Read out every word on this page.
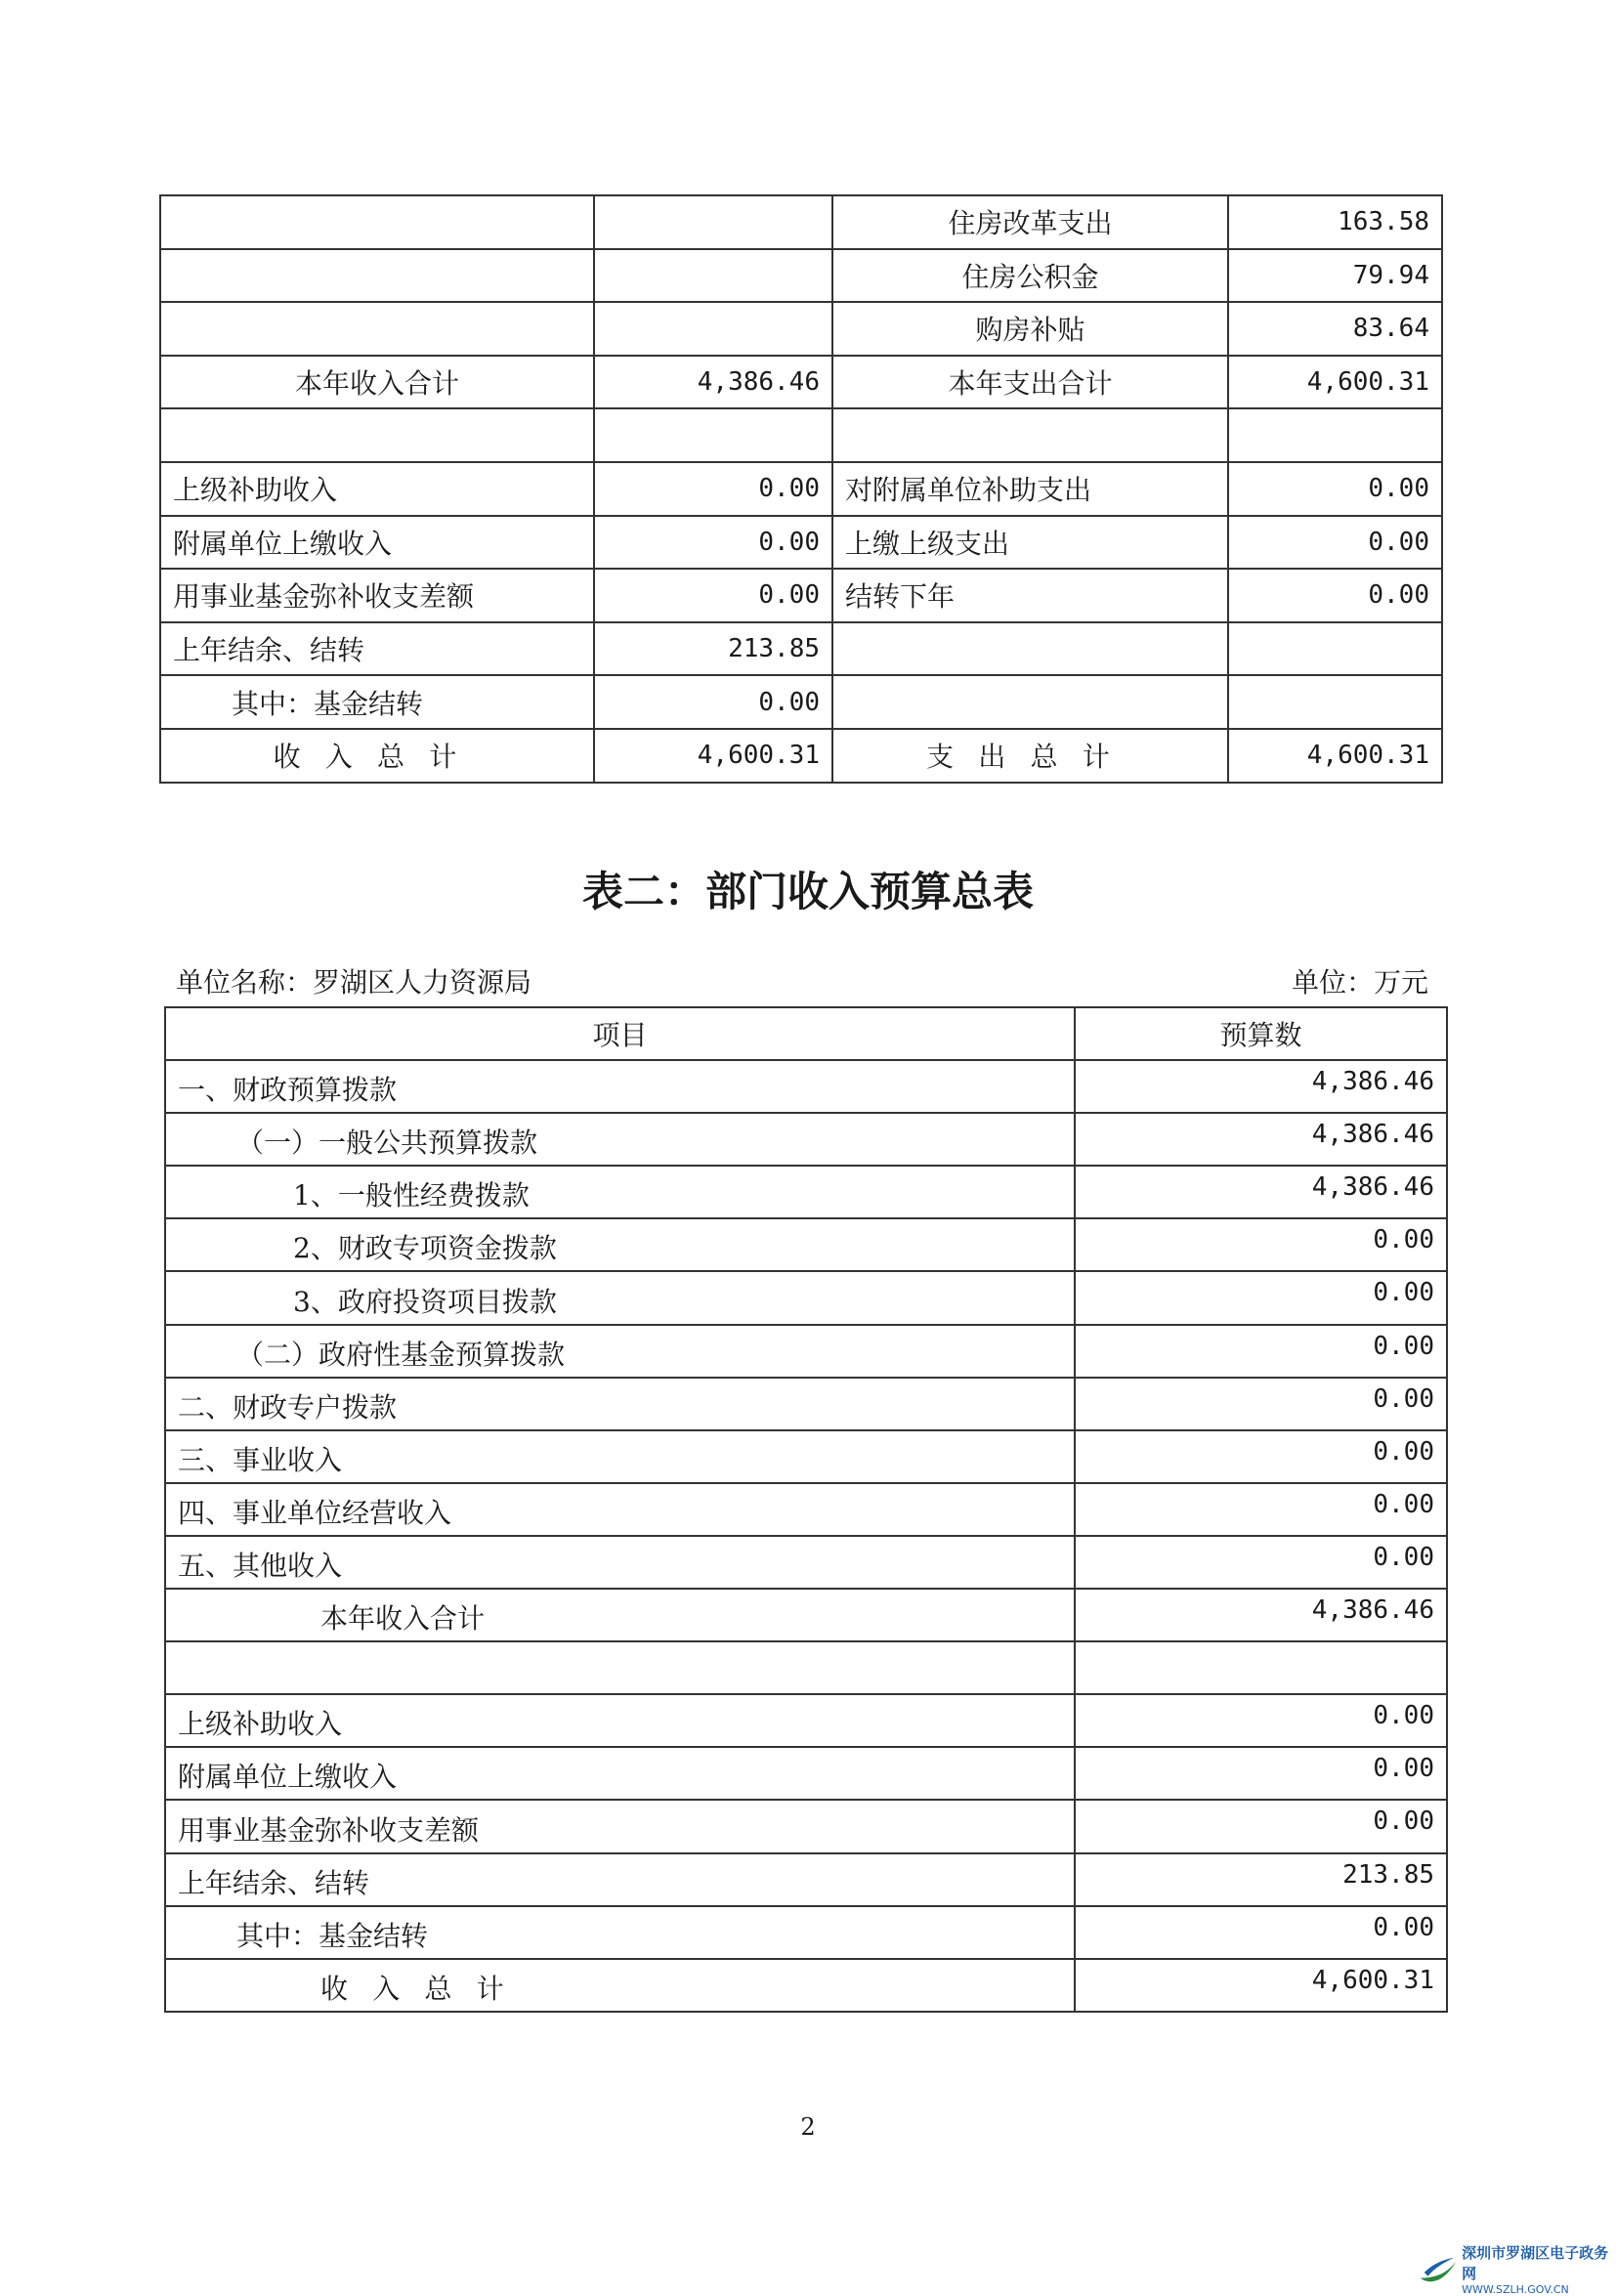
		住房改革支出	163.58
		住房公积金	79.94
		购房补贴	83.64
本年收入合计	4,386.46	本年支出合计	4,600.31

上级补助收入	0.00	对附属单位补助支出	0.00
附属单位上缴收入	0.00	上缴上级支出	0.00
用事业基金弥补收支差额	0.00	结转下年	0.00
上年结余、结转	213.85		
其中：基金结转	0.00		
收入总计	4,600.31	支出总计	4,600.31
表二：部门收入预算总表
单位名称：罗湖区人力资源局	单位：万元
项目	预算数
一、财政预算拨款	4,386.46
（一）一般公共预算拨款	4,386.46
1、一般性经费拨款	4,386.46
2、财政专项资金拨款	0.00
3、政府投资项目拨款	0.00
（二）政府性基金预算拨款	0.00
二、财政专户拨款	0.00
三、事业收入	0.00
四、事业单位经营收入	0.00
五、其他收入	0.00
本年收入合计	4,386.46

上级补助收入	0.00
附属单位上缴收入	0.00
用事业基金弥补收支差额	0.00
上年结余、结转	213.85
其中：基金结转	0.00
收入总计	4,600.31
2
深圳市罗湖区电子政务网
WWW.SZLH.GOV.CN
